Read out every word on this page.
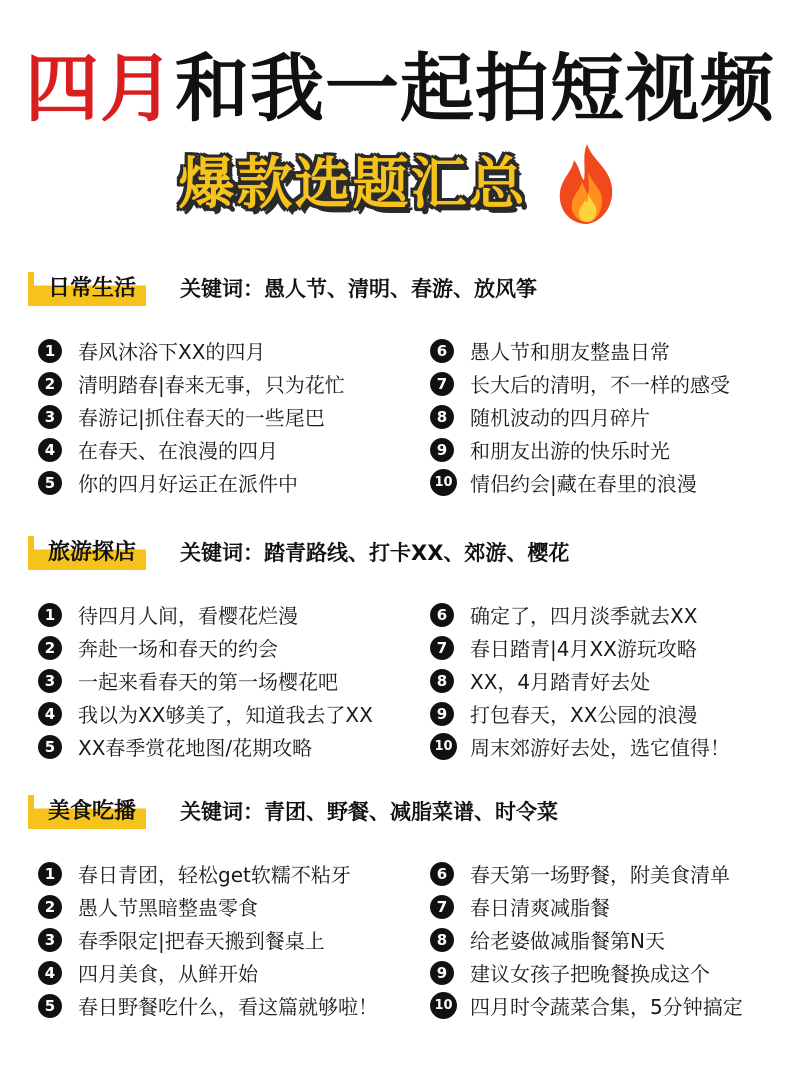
四月和我一起拍短视频
爆款选题汇总
日常生活	关键词：愚人节、清明、春游、放风筝
1	春风沐浴下XX的四月
2	清明踏春|春来无事，只为花忙
3	春游记|抓住春天的一些尾巴
4	在春天、在浪漫的四月
5	你的四月好运正在派件中
6	愚人节和朋友整蛊日常
7	长大后的清明，不一样的感受
8	随机波动的四月碎片
9	和朋友出游的快乐时光
10 情侣约会|藏在春里的浪漫
旅游探店	关键词：踏青路线、打卡XX、郊游、樱花
1	待四月人间，看樱花烂漫
2	奔赴一场和春天的约会
3	一起来看春天的第一场樱花吧
4	我以为XX够美了，知道我去了XX
5	XX春季赏花地图/花期攻略
6	确定了，四月淡季就去XX
7	春日踏青|4月XX游玩攻略
8	XX，4月踏青好去处
9	打包春天，XX公园的浪漫
10 周末郊游好去处，选它值得！
美食吃播	关键词：青团、野餐、减脂菜谱、时令菜
1	春日青团，轻松get软糯不粘牙
2	愚人节黑暗整蛊零食
3	春季限定|把春天搬到餐桌上
4	四月美食，从鲜开始
5	春日野餐吃什么，看这篇就够啦！
6	春天第一场野餐，附美食清单
7	春日清爽减脂餐
8	给老婆做减脂餐第N天
9	建议女孩子把晚餐换成这个
10 四月时令蔬菜合集，5分钟搞定
